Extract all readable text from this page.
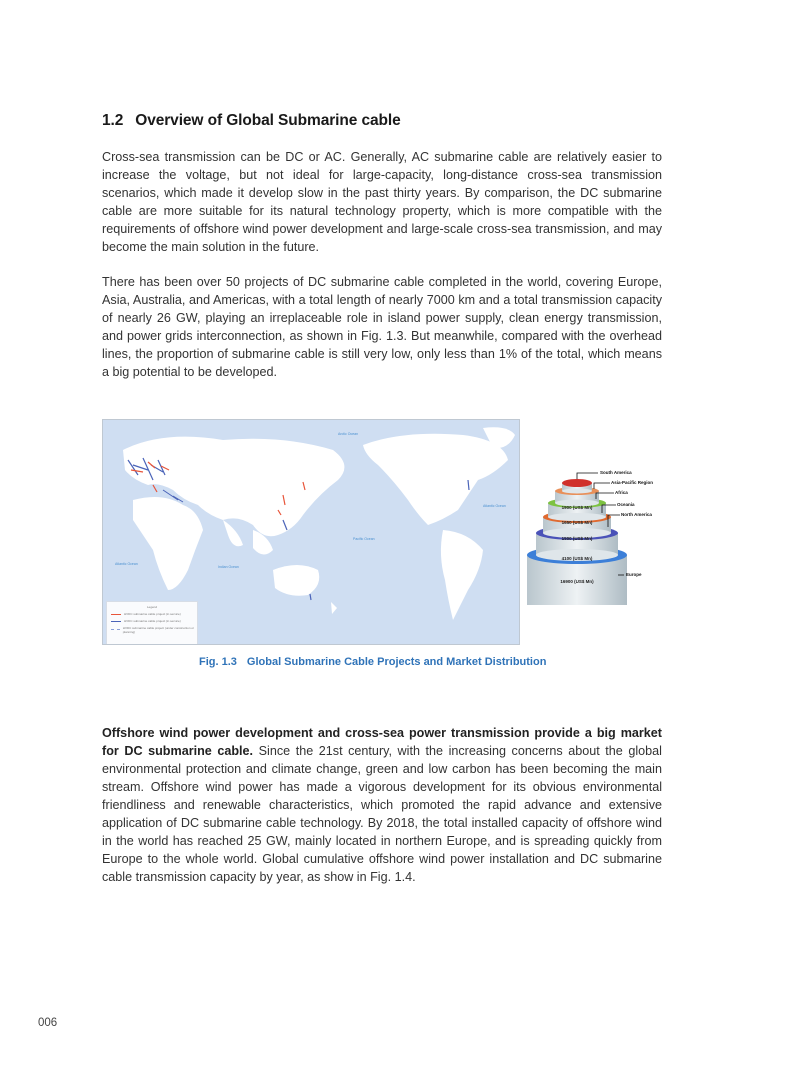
1.2 Overview of Global Submarine cable
Cross-sea transmission can be DC or AC. Generally, AC submarine cable are relatively easier to increase the voltage, but not ideal for large-capacity, long-distance cross-sea transmission scenarios, which made it develop slow in the past thirty years. By comparison, the DC submarine cable are more suitable for its natural technology property, which is more compatible with the requirements of offshore wind power development and large-scale cross-sea transmission, and may become the main solution in the future.
There has been over 50 projects of DC submarine cable completed in the world, covering Europe, Asia, Australia, and Americas, with a total length of nearly 7000 km and a total transmission capacity of nearly 26 GW, playing an irreplaceable role in island power supply, clean energy transmission, and power grids interconnection, as shown in Fig. 1.3. But meanwhile, compared with the overhead lines, the proportion of submarine cable is still very low, only less than 1% of the total, which means a big potential to be developed.
Arctic Ocean
Atlantic Ocean
Pacific Ocean
Atlantic Ocean
Indian Ocean
Legend
HVDC submarine cable project (in service)
HVDC submarine cable project (in service)
HVDC submarine cable project (under construction or planning)
South America
Asia-Pacific Region
Africa
Oceania
North America
Europe
1900 (US$ Mn)
1650 (US$ Mn)
1500 (US$ Mn)
4100 (US$ Mn)
16900 (US$ Mn)
Fig. 1.3 Global Submarine Cable Projects and Market Distribution
Offshore wind power development and cross-sea power transmission provide a big market for DC submarine cable. Since the 21st century, with the increasing concerns about the global environmental protection and climate change, green and low carbon has been becoming the main stream. Offshore wind power has made a vigorous development for its obvious environmental friendliness and renewable characteristics, which promoted the rapid advance and extensive application of DC submarine cable technology. By 2018, the total installed capacity of offshore wind in the world has reached 25 GW, mainly located in northern Europe, and is spreading quickly from Europe to the whole world. Global cumulative offshore wind power installation and DC submarine cable transmission capacity by year, as show in Fig. 1.4.
006
